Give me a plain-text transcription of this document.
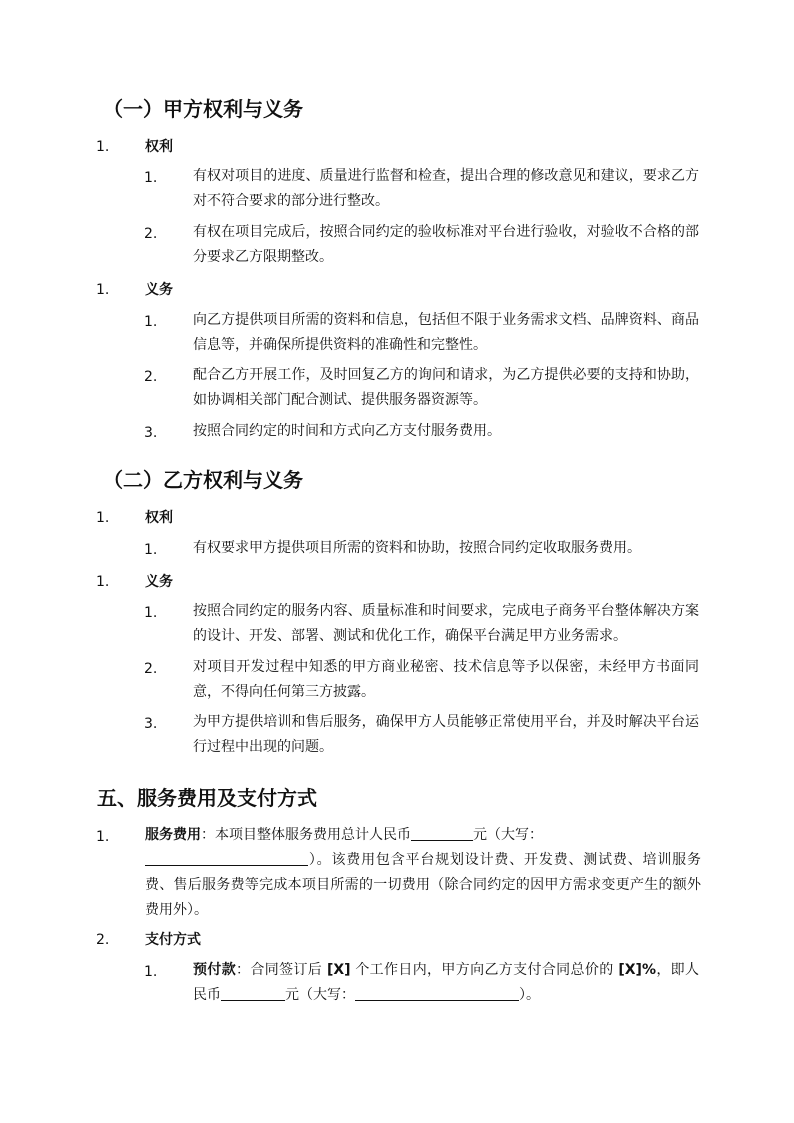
（一）甲方权利与义务
1.	权利
1.	有权对项目的进度、质量进行监督和检查，提出合理的修改意见和建议，要求乙方对不符合要求的部分进行整改。
2.	有权在项目完成后，按照合同约定的验收标准对平台进行验收，对验收不合格的部分要求乙方限期整改。
1.	义务
1.	向乙方提供项目所需的资料和信息，包括但不限于业务需求文档、品牌资料、商品信息等，并确保所提供资料的准确性和完整性。
2.	配合乙方开展工作，及时回复乙方的询问和请求，为乙方提供必要的支持和协助，如协调相关部门配合测试、提供服务器资源等。
3.	按照合同约定的时间和方式向乙方支付服务费用。
（二）乙方权利与义务
1.	权利
1.	有权要求甲方提供项目所需的资料和协助，按照合同约定收取服务费用。
1.	义务
1.	按照合同约定的服务内容、质量标准和时间要求，完成电子商务平台整体解决方案的设计、开发、部署、测试和优化工作，确保平台满足甲方业务需求。
2.	对项目开发过程中知悉的甲方商业秘密、技术信息等予以保密，未经甲方书面同意，不得向任何第三方披露。
3.	为甲方提供培训和售后服务，确保甲方人员能够正常使用平台，并及时解决平台运行过程中出现的问题。
五、服务费用及支付方式
1.	服务费用：本项目整体服务费用总计人民币	元（大写：
）。该费用包含平台规划设计费、开发费、测试费、培训服务费、售后服务费等完成本项目所需的一切费用（除合同约定的因甲方需求变更产生的额外费用外）。
2.	支付方式
1.	预付款：合同签订后 [X] 个工作日内，甲方向乙方支付合同总价的 [X]%，即人民币	元（大写：	）。
